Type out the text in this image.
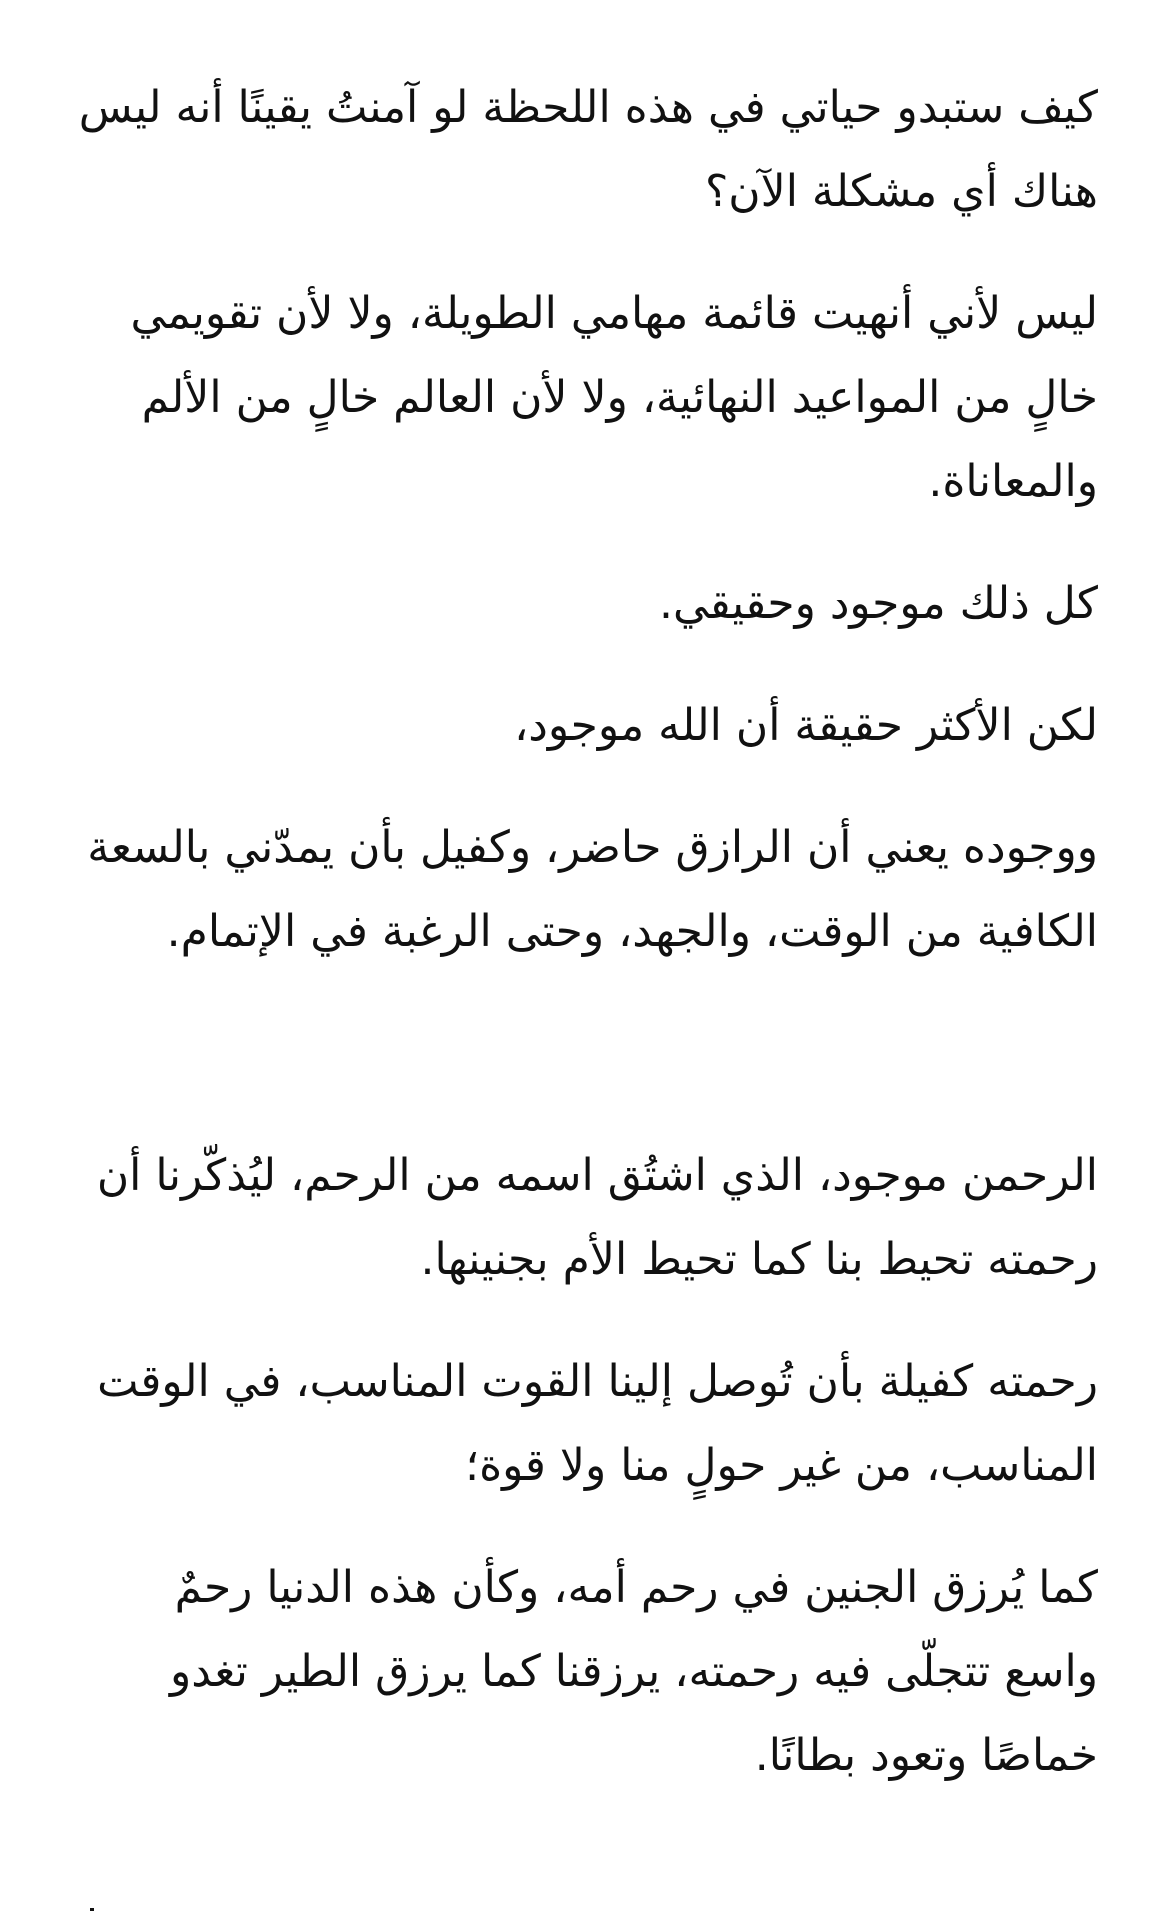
كيف ستبدو حياتي في هذه اللحظة لو آمنتُ يقينًا أنه ليس هناك أي مشكلة الآن؟

ليس لأني أنهيت قائمة مهامي الطويلة، ولا لأن تقويمي خالٍ من المواعيد النهائية، ولا لأن العالم خالٍ من الألم والمعاناة.

كل ذلك موجود وحقيقي.

لكن الأكثر حقيقة أن الله موجود،

ووجوده يعني أن الرازق حاضر، وكفيل بأن يمدّني بالسعة الكافية من الوقت، والجهد، وحتى الرغبة في الإتمام.

الرحمن موجود، الذي اشتُق اسمه من الرحم، ليُذكّرنا أن رحمته تحيط بنا كما تحيط الأم بجنينها.

رحمته كفيلة بأن تُوصل إلينا القوت المناسب، في الوقت المناسب، من غير حولٍ منا ولا قوة؛

كما يُرزق الجنين في رحم أمه، وكأن هذه الدنيا رحمٌ واسع تتجلّى فيه رحمته، يرزقنا كما يرزق الطير تغدو خماصًا وتعود بطانًا.
